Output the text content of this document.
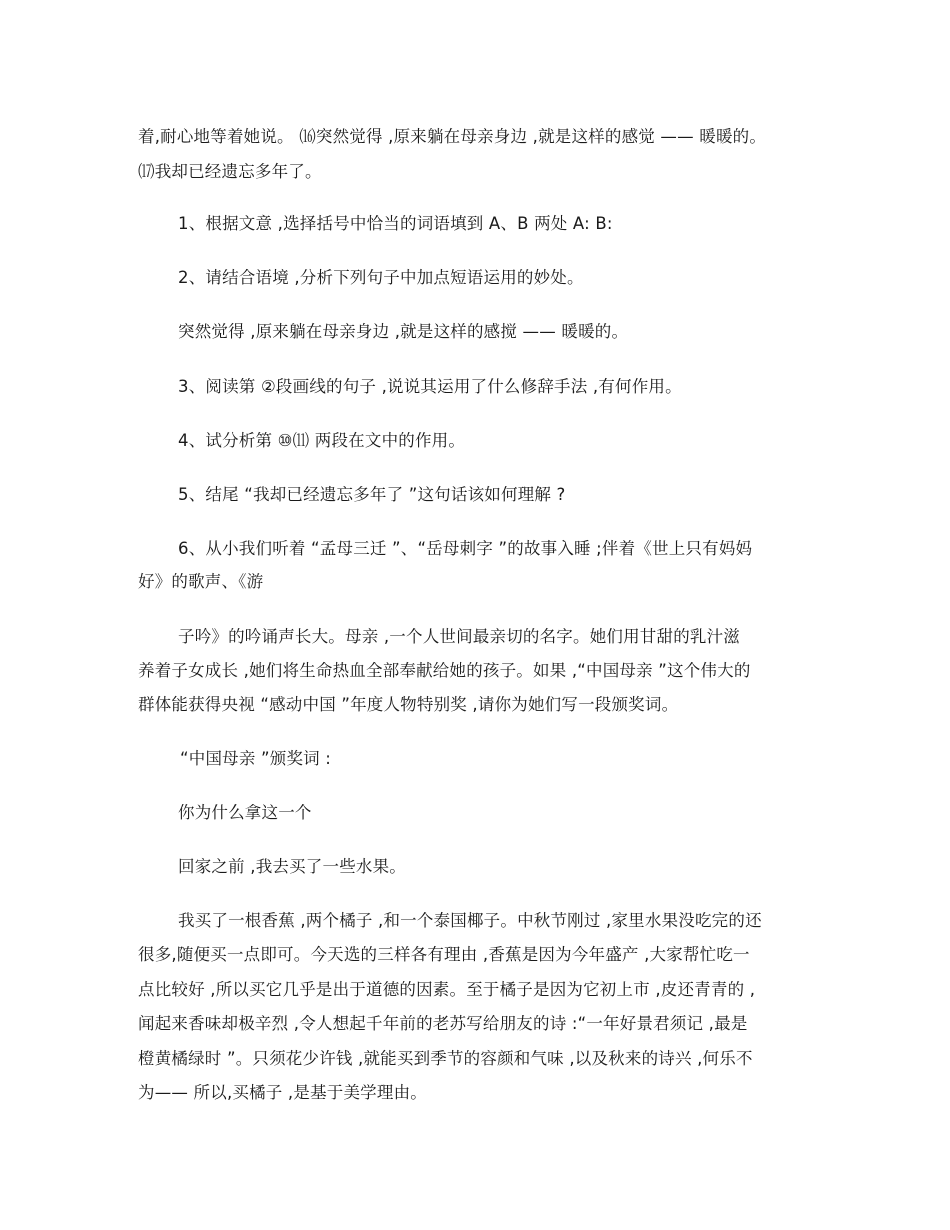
着,耐心地等着她说。 ⒃突然觉得 ,原来躺在母亲身边 ,就是这样的感觉 —— 暖暖的。
⒄我却已经遗忘多年了。
1、根据文意 ,选择括号中恰当的词语填到 A、B 两处 A: B:
2、请结合语境 ,分析下列句子中加点短语运用的妙处。
突然觉得 ,原来躺在母亲身边 ,就是这样的感搅 —— 暖暖的。
3、阅读第 ②段画线的句子 ,说说其运用了什么修辞手法 ,有何作用。
4、试分析第 ⑩⑾ 两段在文中的作用。
5、结尾 “我却已经遗忘多年了 ”这句话该如何理解 ?
6、从小我们听着 “孟母三迁 ”、“岳母刺字 ”的故事入睡 ;伴着《世上只有妈妈
好》的歌声、《游
子吟》的吟诵声长大。母亲 ,一个人世间最亲切的名字。她们用甘甜的乳汁滋
养着子女成长 ,她们将生命热血全部奉献给她的孩子。如果 ,“中国母亲 ”这个伟大的
群体能获得央视 “感动中国 ”年度人物特别奖 ,请你为她们写一段颁奖词。
“中国母亲 ”颁奖词 :
你为什么拿这一个
回家之前 ,我去买了一些水果。
我买了一根香蕉 ,两个橘子 ,和一个泰国椰子。中秋节刚过 ,家里水果没吃完的还
很多,随便买一点即可。今天选的三样各有理由 ,香蕉是因为今年盛产 ,大家帮忙吃一
点比较好 ,所以买它几乎是出于道德的因素。至于橘子是因为它初上市 ,皮还青青的 ,
闻起来香味却极辛烈 ,令人想起千年前的老苏写给朋友的诗 :“一年好景君须记 ,最是
橙黄橘绿时 ”。只须花少许钱 ,就能买到季节的容颜和气味 ,以及秋来的诗兴 ,何乐不
为—— 所以,买橘子 ,是基于美学理由。
